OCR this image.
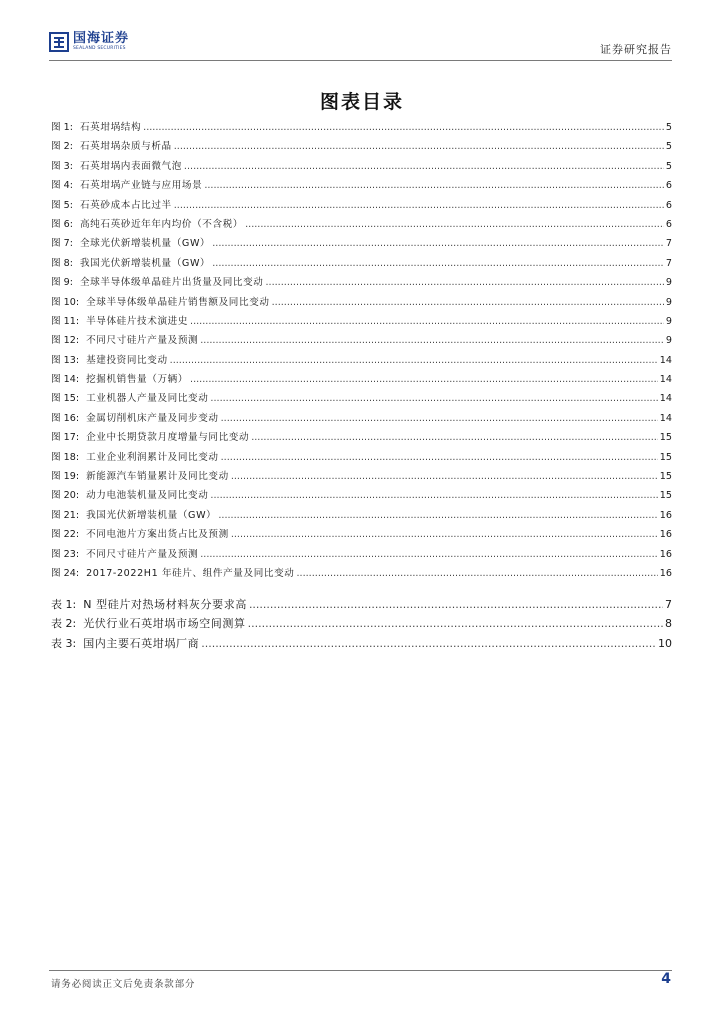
国海证券
SEALAND SECURITIES	证券研究报告
图表目录
图 1: 石英坩埚结构 .....	5
图 2: 石英坩埚杂质与析晶 .....	5
图 3: 石英坩埚内表面微气泡 .....	5
图 4: 石英坩埚产业链与应用场景 .....	6
图 5: 石英砂成本占比过半 .....	6
图 6: 高纯石英砂近年年内均价（不含税） .....	6
图 7: 全球光伏新增装机量（GW） .....	7
图 8: 我国光伏新增装机量（GW） .....	7
图 9: 全球半导体级单晶硅片出货量及同比变动 .....	9
图 10: 全球半导体级单晶硅片销售额及同比变动 .....	9
图 11: 半导体硅片技术演进史 .....	9
图 12: 不同尺寸硅片产量及预测 .....	9
图 13: 基建投资同比变动 .....	14
图 14: 挖掘机销售量（万辆） .....	14
图 15: 工业机器人产量及同比变动 .....	14
图 16: 金属切削机床产量及同步变动 .....	14
图 17: 企业中长期贷款月度增量与同比变动 .....	15
图 18: 工业企业利润累计及同比变动 .....	15
图 19: 新能源汽车销量累计及同比变动 .....	15
图 20: 动力电池装机量及同比变动 .....	15
图 21: 我国光伏新增装机量（GW） .....	16
图 22: 不同电池片方案出货占比及预测 .....	16
图 23: 不同尺寸硅片产量及预测 .....	16
图 24: 2017-2022H1 年硅片、组件产量及同比变动 .....	16
表 1: N 型硅片对热场材料灰分要求高 .....	7
表 2: 光伏行业石英坩埚市场空间测算 .....	8
表 3: 国内主要石英坩埚厂商 .....	10
请务必阅读正文后免责条款部分	4
